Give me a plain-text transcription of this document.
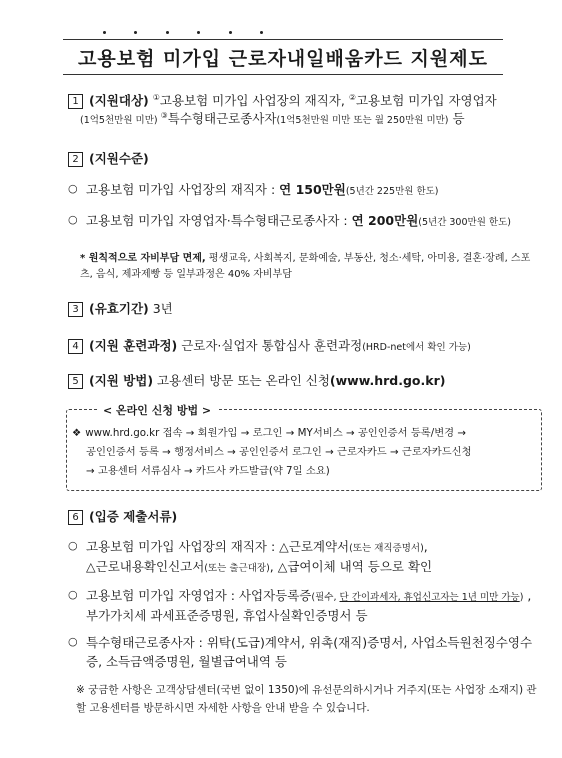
고용보험 미가입 근로자내일배움카드 지원제도
1 (지원대상) ①고용보험 미가입 사업장의 재직자, ②고용보험 미가입 자영업자
(1억5천만원 미만) ③특수형태근로종사자(1억5천만원 미만 또는 월 250만원 미만) 등
2 (지원수준)
○ 고용보험 미가입 사업장의 재직자 : 연 150만원(5년간 225만원 한도)
○ 고용보험 미가입 자영업자·특수형태근로종사자 : 연 200만원(5년간 300만원 한도)
* 원칙적으로 자비부담 면제, 평생교육, 사회복지, 문화예술, 부동산, 청소·세탁, 아미용, 결혼·장례, 스포츠, 음식, 제과제빵 등 일부과정은 40% 자비부담
3 (유효기간) 3년
4 (지원 훈련과정) 근로자·실업자 통합심사 훈련과정(HRD-net에서 확인 가능)
5 (지원 방법) 고용센터 방문 또는 온라인 신청(www.hrd.go.kr)
< 온라인 신청 방법 >
❖ www.hrd.go.kr 접속 → 회원가입 → 로그인 → MY서비스 → 공인인증서 등록/변경 →
공인인증서 등록 → 행정서비스 → 공인인증서 로그인 → 근로자카드 → 근로자카드신청
→ 고용센터 서류심사 → 카드사 카드발급(약 7일 소요)
6 (입증 제출서류)
○ 고용보험 미가입 사업장의 재직자 : △근로계약서(또는 재직증명서),
△근로내용확인신고서(또는 출근대장), △급여이체 내역 등으로 확인
○ 고용보험 미가입 자영업자 : 사업자등록증(필수, 단 간이과세자, 휴업신고자는 1년 미만 가능) , 부가가치세 과세표준증명원, 휴업사실확인증명서 등
○ 특수형태근로종사자 : 위탁(도급)계약서, 위촉(재직)증명서, 사업소득원천징수영수증, 소득금액증명원, 월별급여내역 등
※ 궁금한 사항은 고객상담센터(국번 없이 1350)에 유선문의하시거나 거주지(또는 사업장 소재지) 관할 고용센터를 방문하시면 자세한 사항을 안내 받을 수 있습니다.
